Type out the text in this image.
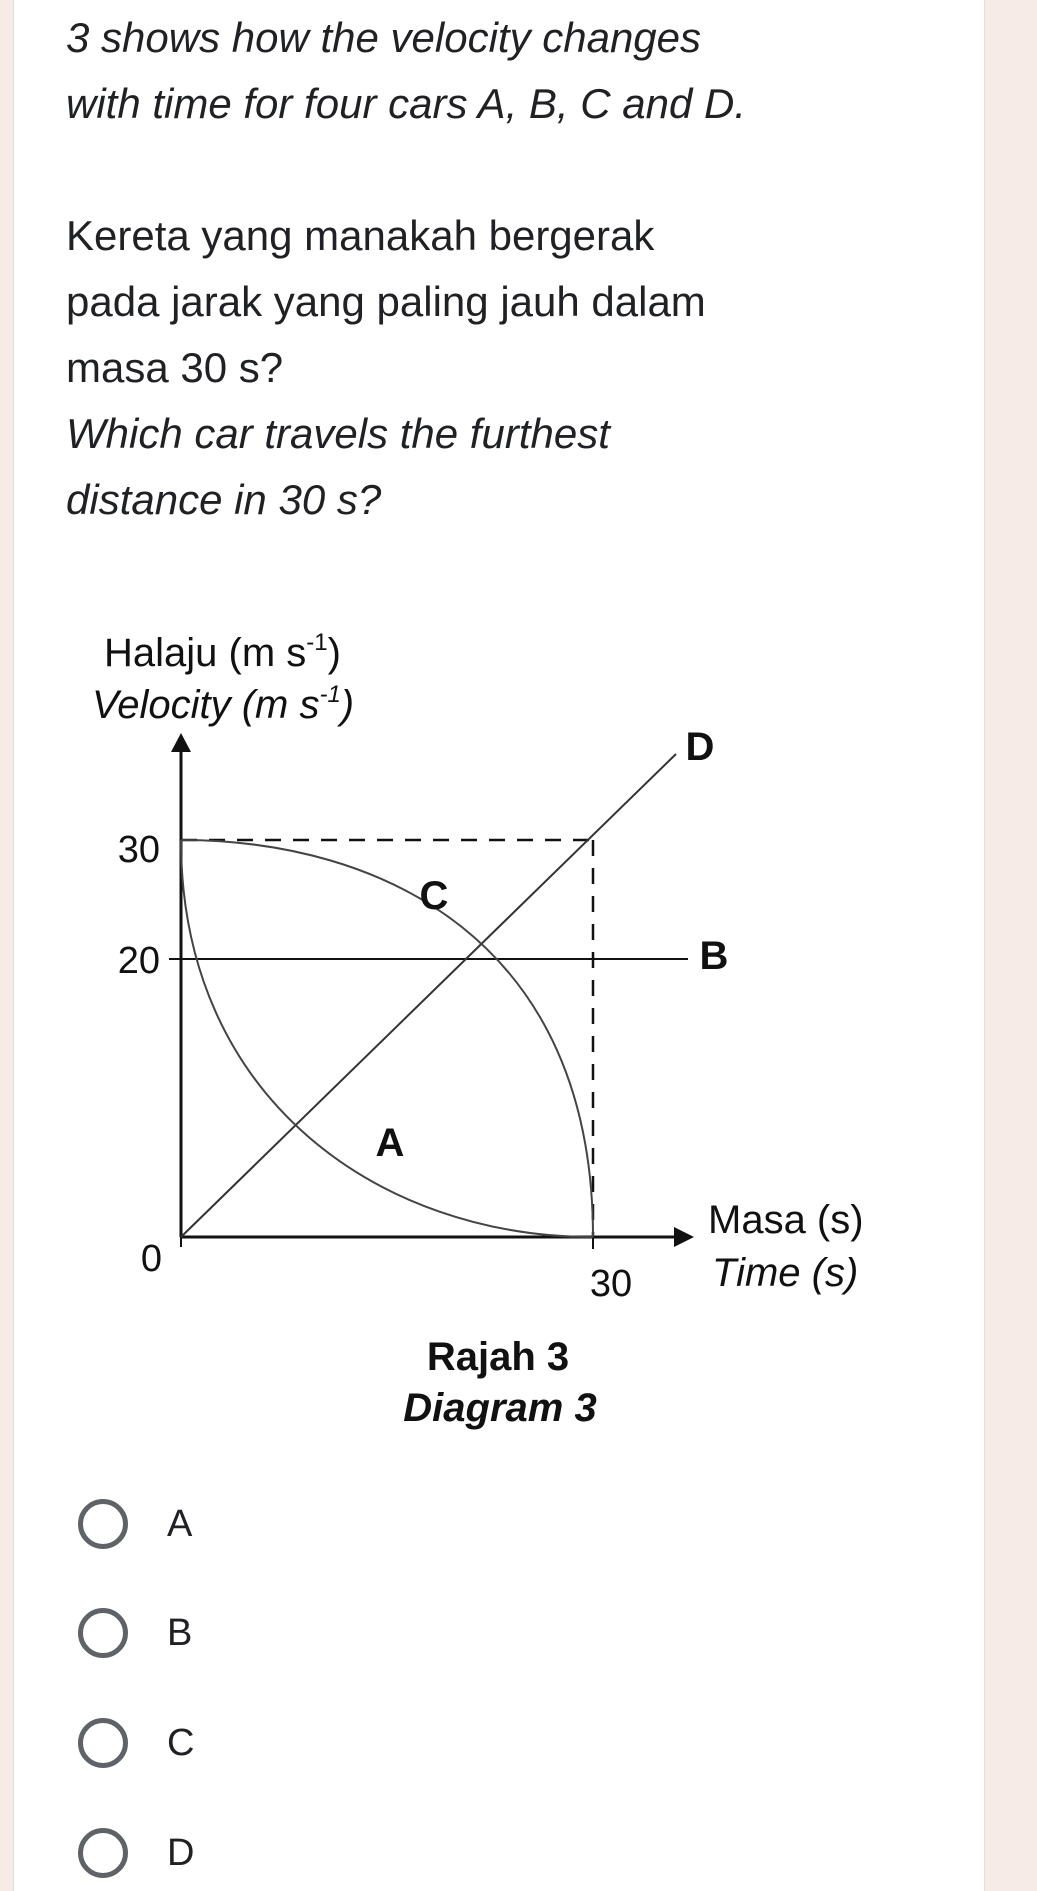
3 shows how the velocity changes

with time for four cars A, B, C and D.

Kereta yang manakah bergerak

pada jarak yang paling jauh dalam

masa 30 s?

Which car travels the furthest

distance in 30 s?

Halaju (m $s^{-1}$)
Velocity (m $s^{-1}$)
30
20
0
30
D
C
B
A
Masa (s)
Time (s)
Rajah 3
Diagram 3
A
B
C
D
